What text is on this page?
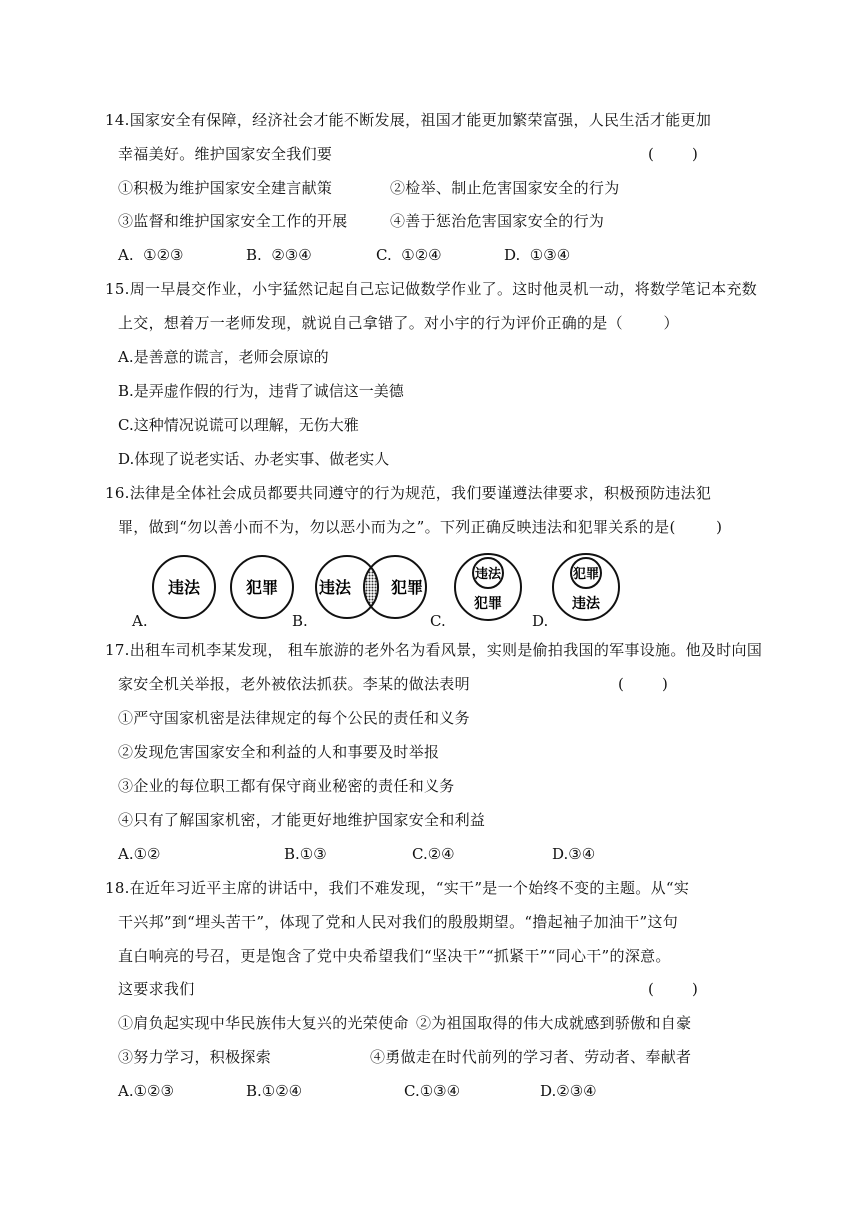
14.国家安全有保障，经济社会才能不断发展，祖国才能更加繁荣富强，人民生活才能更加
幸福美好。维护国家安全我们要	(        )
①积极为维护国家安全建言献策	②检举、制止危害国家安全的行为
③监督和维护国家安全工作的开展	④善于惩治危害国家安全的行为
A.  ①②③	B.  ②③④	C.  ①②④	D.  ①③④
15.周一早晨交作业，小宇猛然记起自己忘记做数学作业了。这时他灵机一动，将数学笔记本充数
上交，想着万一老师发现，就说自己拿错了。对小宇的行为评价正确的是（        ）
A.是善意的谎言，老师会原谅的
B.是弄虚作假的行为，违背了诚信这一美德
C.这种情况说谎可以理解，无伤大雅
D.体现了说老实话、办老实事、做老实人
16.法律是全体社会成员都要共同遵守的行为规范，我们要谨遵法律要求，积极预防违法犯
罪，做到“勿以善小而不为，勿以恶小而为之”。下列正确反映违法和犯罪关系的是(        )
违法	犯罪
A.
违法 犯罪
B.
违法
犯罪
C.
犯罪
违法
D.
17.出租车司机李某发现， 租车旅游的老外名为看风景，实则是偷拍我国的军事设施。他及时向国
家安全机关举报，老外被依法抓获。李某的做法表明	(        )
①严守国家机密是法律规定的每个公民的责任和义务
②发现危害国家安全和利益的人和事要及时举报
③企业的每位职工都有保守商业秘密的责任和义务
④只有了解国家机密，才能更好地维护国家安全和利益
A.①②	B.①③	C.②④	D.③④
18.在近年习近平主席的讲话中，我们不难发现，“实干”是一个始终不变的主题。从“实
干兴邦”到“埋头苦干”，体现了党和人民对我们的殷殷期望。“撸起袖子加油干”这句
直白响亮的号召，更是饱含了党中央希望我们“坚决干”“抓紧干”“同心干”的深意。
这要求我们	(        )
①肩负起实现中华民族伟大复兴的光荣使命 ②为祖国取得的伟大成就感到骄傲和自豪
③努力学习，积极探索	④勇做走在时代前列的学习者、劳动者、奉献者
A.①②③	B.①②④	C.①③④	D.②③④
